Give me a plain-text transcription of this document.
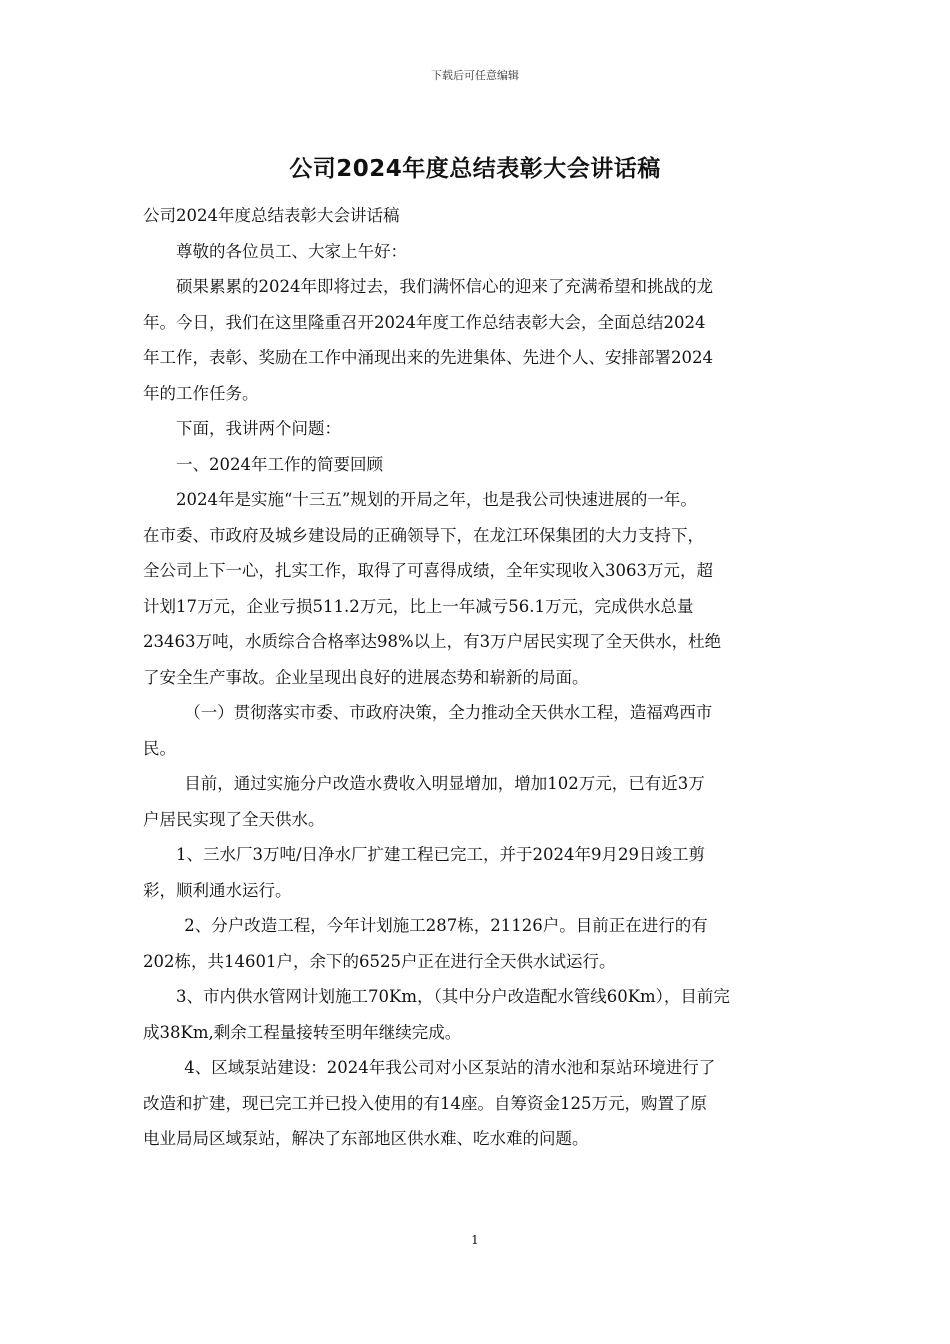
下载后可任意编辑
公司2024年度总结表彰大会讲话稿

公司2024年度总结表彰大会讲话稿

尊敬的各位员工、大家上午好：

硕果累累的2024年即将过去，我们满怀信心的迎来了充满希望和挑战的龙
年。今日，我们在这里隆重召开2024年度工作总结表彰大会，全面总结2024
年工作，表彰、奖励在工作中涌现出来的先进集体、先进个人、安排部署2024
年的工作任务。

下面，我讲两个问题：

一、2024年工作的简要回顾

2024年是实施“十三五”规划的开局之年，也是我公司快速进展的一年。
在市委、市政府及城乡建设局的正确领导下，在龙江环保集团的大力支持下，
全公司上下一心，扎实工作，取得了可喜得成绩，全年实现收入3063万元，超
计划17万元，企业亏损511.2万元，比上一年减亏56.1万元，完成供水总量
23463万吨，水质综合合格率达98%以上，有3万户居民实现了全天供水，杜绝
了安全生产事故。企业呈现出良好的进展态势和崭新的局面。

（一）贯彻落实市委、市政府决策，全力推动全天供水工程，造福鸡西市
民。

目前，通过实施分户改造水费收入明显增加，增加102万元，已有近3万
户居民实现了全天供水。

1、三水厂3万吨/日净水厂扩建工程已完工，并于2024年9月29日竣工剪
彩，顺利通水运行。

2、分户改造工程，今年计划施工287栋，21126户。目前正在进行的有
202栋，共14601户，余下的6525户正在进行全天供水试运行。

3、市内供水管网计划施工70Km，（其中分户改造配水管线60Km），目前完
成38Km,剩余工程量接转至明年继续完成。

4、区域泵站建设：2024年我公司对小区泵站的清水池和泵站环境进行了
改造和扩建，现已完工并已投入使用的有14座。自筹资金125万元，购置了原
电业局局区域泵站，解决了东部地区供水难、吃水难的问题。

1
